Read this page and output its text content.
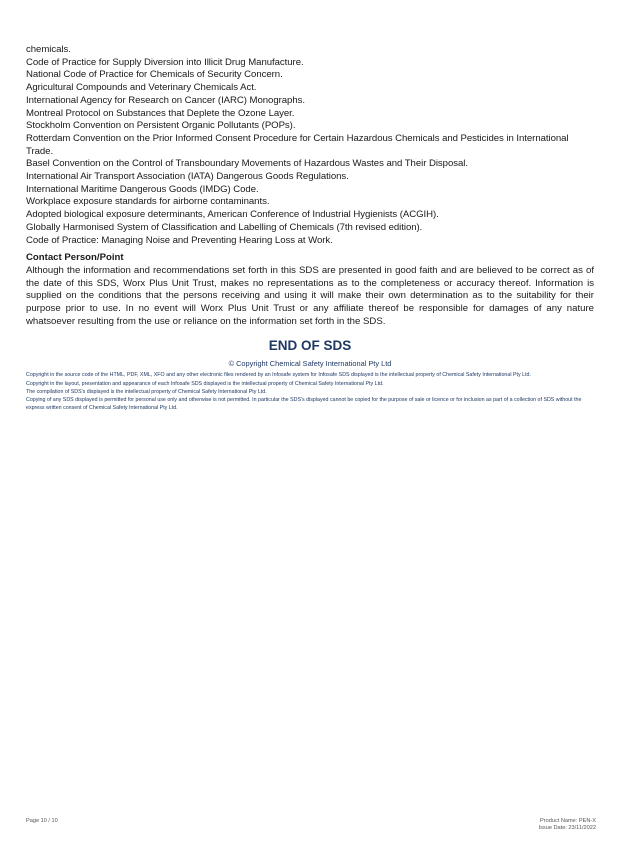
chemicals.
Code of Practice for Supply Diversion into Illicit Drug Manufacture.
National Code of Practice for Chemicals of Security Concern.
Agricultural Compounds and Veterinary Chemicals Act.
International Agency for Research on Cancer (IARC) Monographs.
Montreal Protocol on Substances that Deplete the Ozone Layer.
Stockholm Convention on Persistent Organic Pollutants (POPs).
Rotterdam Convention on the Prior Informed Consent Procedure for Certain Hazardous Chemicals and Pesticides in International Trade.
Basel Convention on the Control of Transboundary Movements of Hazardous Wastes and Their Disposal.
International Air Transport Association (IATA) Dangerous Goods Regulations.
International Maritime Dangerous Goods (IMDG) Code.
Workplace exposure standards for airborne contaminants.
Adopted biological exposure determinants, American Conference of Industrial Hygienists (ACGIH).
Globally Harmonised System of Classification and Labelling of Chemicals (7th revised edition).
Code of Practice: Managing Noise and Preventing Hearing Loss at Work.
Contact Person/Point

Although the information and recommendations set forth in this SDS are presented in good faith and are believed to be correct as of the date of this SDS, Worx Plus Unit Trust, makes no representations as to the completeness or accuracy thereof. Information is supplied on the conditions that the persons receiving and using it will make their own determination as to the suitability for their purpose prior to use. In no event will Worx Plus Unit Trust or any affiliate thereof be responsible for damages of any nature whatsoever resulting from the use or reliance on the information set forth in the SDS.

END OF SDS
© Copyright Chemical Safety International Pty Ltd

Copyright in the source code of the HTML, PDF, XML, XFO and any other electronic files rendered by an Infosafe system for Infosafe SDS displayed is the intellectual property of Chemical Safety International Pty Ltd.

Copyright in the layout, presentation and appearance of each Infosafe SDS displayed is the intellectual property of Chemical Safety International Pty Ltd.

The compilation of SDS's displayed is the intellectual property of Chemical Safety International Pty Ltd.

Copying of any SDS displayed is permitted for personal use only and otherwise is not permitted. In particular the SDS's displayed cannot be copied for the purpose of sale or licence or for inclusion as part of a collection of SDS without the express written consent of Chemical Safety International Pty Ltd.

Page 10 / 10	Product Name: PEN-X
Issue Date: 23/11/2022
